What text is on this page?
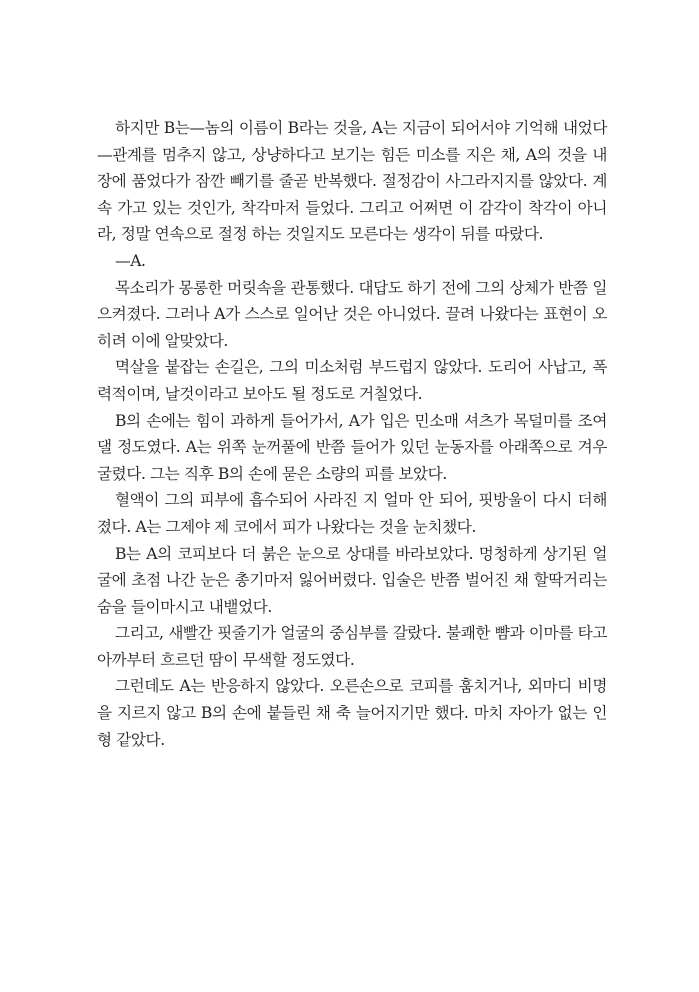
하지만 B는—놈의 이름이 B라는 것을, A는 지금이 되어서야 기억해 내었다—관계를 멈추지 않고, 상냥하다고 보기는 힘든 미소를 지은 채, A의 것을 내장에 품었다가 잠깐 빼기를 줄곧 반복했다. 절정감이 사그라지지를 않았다. 계속 가고 있는 것인가, 착각마저 들었다. 그리고 어쩌면 이 감각이 착각이 아니라, 정말 연속으로 절정 하는 것일지도 모른다는 생각이 뒤를 따랐다.

—A.

목소리가 몽롱한 머릿속을 관통했다. 대답도 하기 전에 그의 상체가 반쯤 일으켜졌다. 그러나 A가 스스로 일어난 것은 아니었다. 끌려 나왔다는 표현이 오히려 이에 알맞았다.

멱살을 붙잡는 손길은, 그의 미소처럼 부드럽지 않았다. 도리어 사납고, 폭력적이며, 날것이라고 보아도 될 정도로 거칠었다.

B의 손에는 힘이 과하게 들어가서, A가 입은 민소매 셔츠가 목덜미를 조여댈 정도였다. A는 위쪽 눈꺼풀에 반쯤 들어가 있던 눈동자를 아래쪽으로 겨우 굴렸다. 그는 직후 B의 손에 묻은 소량의 피를 보았다.

혈액이 그의 피부에 흡수되어 사라진 지 얼마 안 되어, 핏방울이 다시 더해졌다. A는 그제야 제 코에서 피가 나왔다는 것을 눈치챘다.

B는 A의 코피보다 더 붉은 눈으로 상대를 바라보았다. 멍청하게 상기된 얼굴에 초점 나간 눈은 총기마저 잃어버렸다. 입술은 반쯤 벌어진 채 할딱거리는 숨을 들이마시고 내뱉었다.

그리고, 새빨간 핏줄기가 얼굴의 중심부를 갈랐다. 불쾌한 뺨과 이마를 타고 아까부터 흐르던 땀이 무색할 정도였다.

그런데도 A는 반응하지 않았다. 오른손으로 코피를 훔치거나, 외마디 비명을 지르지 않고 B의 손에 붙들린 채 축 늘어지기만 했다. 마치 자아가 없는 인형 같았다.
